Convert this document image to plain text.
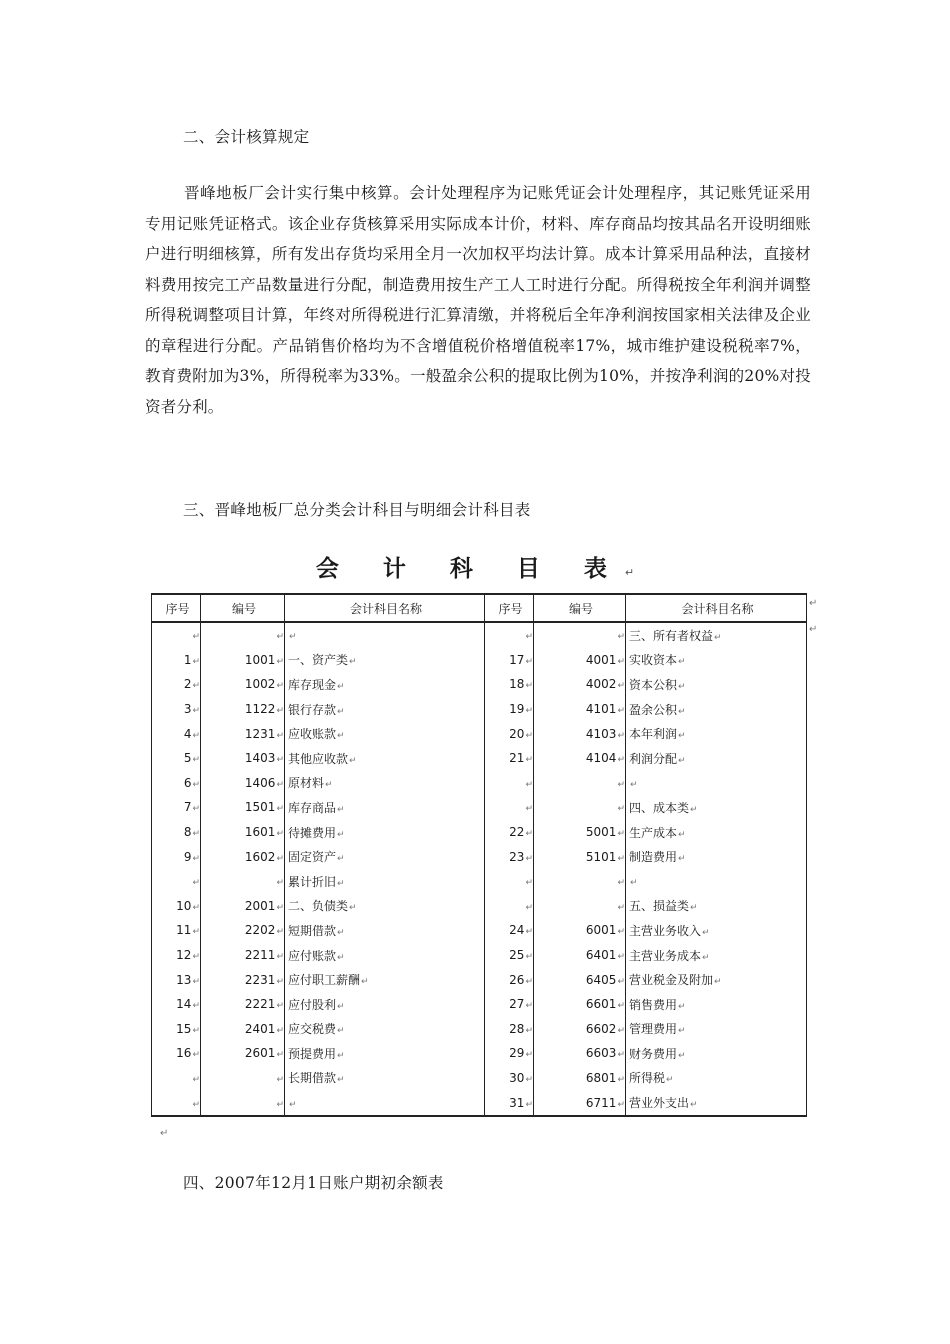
二、会计核算规定
晋峰地板厂会计实行集中核算。会计处理程序为记账凭证会计处理程序，其记账凭证采用专用记账凭证格式。该企业存货核算采用实际成本计价，材料、库存商品均按其品名开设明细账户进行明细核算，所有发出存货均采用全月一次加权平均法计算。成本计算采用品种法，直接材料费用按完工产品数量进行分配，制造费用按生产工人工时进行分配。所得税按全年利润并调整所得税调整项目计算，年终对所得税进行汇算清缴，并将税后全年净利润按国家相关法律及企业的章程进行分配。产品销售价格均为不含增值税价格增值税率17%，城市维护建设税税率7%，教育费附加为3%，所得税率为33%。一般盈余公积的提取比例为10%，并按净利润的20%对投资者分利。
三、晋峰地板厂总分类会计科目与明细会计科目表
会 计 科 目 表↵
序号	编号	会计科目名称	序号	编号	会计科目名称
↵	↵	↵	↵	↵	三、所有者权益↵
1↵	1001↵	一、资产类↵	17↵	4001↵	实收资本↵
2↵	1002↵	库存现金↵	18↵	4002↵	资本公积↵
3↵	1122↵	银行存款↵	19↵	4101↵	盈余公积↵
4↵	1231↵	应收账款↵	20↵	4103↵	本年利润↵
5↵	1403↵	其他应收款↵	21↵	4104↵	利润分配↵
6↵	1406↵	原材料↵	↵	↵	↵
7↵	1501↵	库存商品↵	↵	↵	四、成本类↵
8↵	1601↵	待摊费用↵	22↵	5001↵	生产成本↵
9↵	1602↵	固定资产↵	23↵	5101↵	制造费用↵
↵	↵	累计折旧↵	↵	↵	↵
10↵	2001↵	二、负债类↵	↵	↵	五、损益类↵
11↵	2202↵	短期借款↵	24↵	6001↵	主营业务收入↵
12↵	2211↵	应付账款↵	25↵	6401↵	主营业务成本↵
13↵	2231↵	应付职工薪酬↵	26↵	6405↵	营业税金及附加↵
14↵	2221↵	应付股利↵	27↵	6601↵	销售费用↵
15↵	2401↵	应交税费↵	28↵	6602↵	管理费用↵
16↵	2601↵	预提费用↵	29↵	6603↵	财务费用↵
↵	↵	长期借款↵	30↵	6801↵	所得税↵
↵	↵	↵	31↵	6711↵	营业外支出↵
↵
↵
↵
四、2007年12月1日账户期初余额表
